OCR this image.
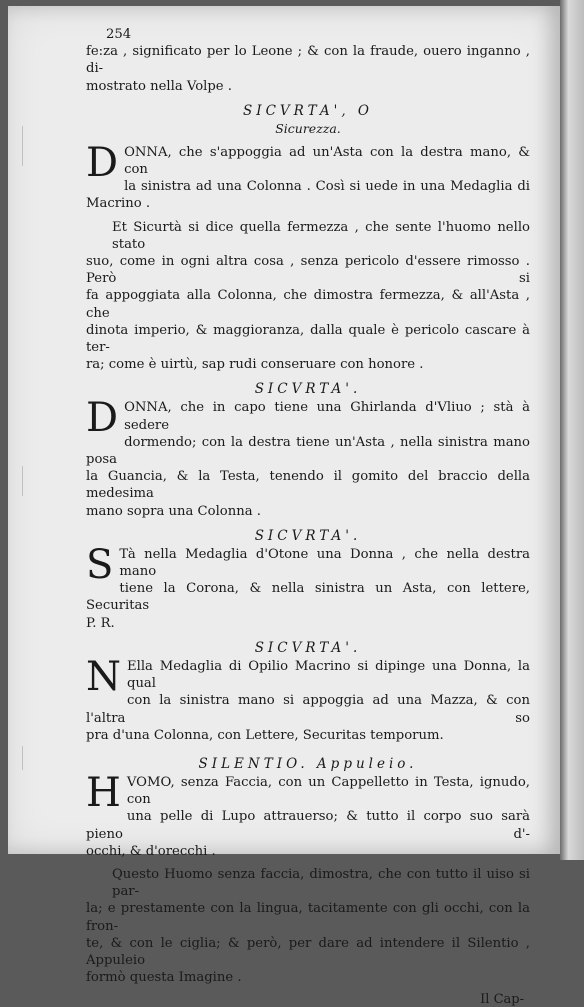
254
fe:za , significato per lo Leone ; & con la fraude, ouero inganno , di-
mostrato nella Volpe .
SICVRTA', O
Sicurezza.
D ONNA, che s'appoggia ad un'Asta con la destra mano, & con
la sinistra ad una Colonna . Così si uede in una Medaglia di
Macrino .
Et Sicurtà si dice quella fermezza , che sente l'huomo nello stato
suo, come in ogni altra cosa , senza pericolo d'essere rimosso . Però si
fa appoggiata alla Colonna, che dimostra fermezza, & all'Asta , che
dinota imperio, & maggioranza, dalla quale è pericolo cascare à ter-
ra; come è uirtù, sap rudi conseruare con honore .
SICVRTA'.
D ONNA, che in capo tiene una Ghirlanda d'Vliuo ; stà à sedere
dormendo; con la destra tiene un'Asta , nella sinistra mano posa
la Guancia, & la Testa, tenendo il gomito del braccio della medesima
mano sopra una Colonna .
SICVRTA'.
S Tà nella Medaglia d'Otone una Donna , che nella destra mano
tiene la Corona, & nella sinistra un Asta, con lettere, Securitas
P. R.
SICVRTA'.
N Ella Medaglia di Opilio Macrino si dipinge una Donna, la qual
con la sinistra mano si appoggia ad una Mazza, & con l'altra so
pra d'una Colonna, con Lettere, Securitas temporum.
SILENTIO. Appuleio.
H VOMO, senza Faccia, con un Cappelletto in Testa, ignudo, con
una pelle di Lupo attrauerso; & tutto il corpo suo sarà pieno d'-
occhi, & d'orecchi .
Questo Huomo senza faccia, dimostra, che con tutto il uiso si par-
la; e prestamente con la lingua, tacitamente con gli occhi, con la fron-
te, & con le ciglia; & però, per dare ad intendere il Silentio , Appuleio
formò questa Imagine .
Il Cap-
